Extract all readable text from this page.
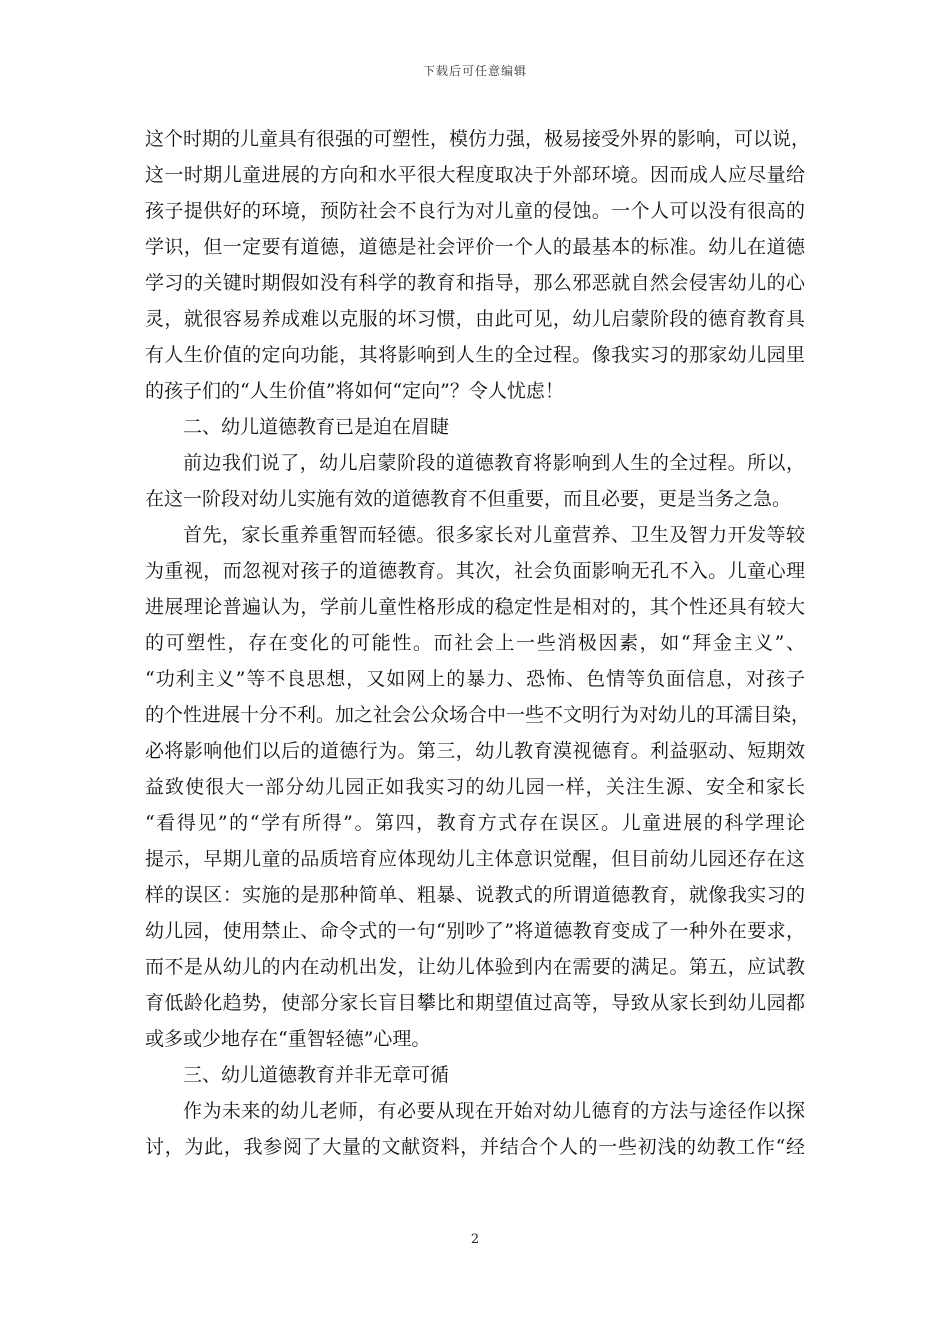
下载后可任意编辑
这个时期的儿童具有很强的可塑性，模仿力强，极易接受外界的影响，可以说，
这一时期儿童进展的方向和水平很大程度取决于外部环境。因而成人应尽量给
孩子提供好的环境，预防社会不良行为对儿童的侵蚀。一个人可以没有很高的
学识，但一定要有道德，道德是社会评价一个人的最基本的标准。幼儿在道德
学习的关键时期假如没有科学的教育和指导，那么邪恶就自然会侵害幼儿的心
灵，就很容易养成难以克服的坏习惯，由此可见，幼儿启蒙阶段的德育教育具
有人生价值的定向功能，其将影响到人生的全过程。像我实习的那家幼儿园里
的孩子们的“人生价值”将如何“定向”？令人忧虑！
二、幼儿道德教育已是迫在眉睫
前边我们说了，幼儿启蒙阶段的道德教育将影响到人生的全过程。所以，
在这一阶段对幼儿实施有效的道德教育不但重要，而且必要，更是当务之急。
首先，家长重养重智而轻德。很多家长对儿童营养、卫生及智力开发等较
为重视，而忽视对孩子的道德教育。其次，社会负面影响无孔不入。儿童心理
进展理论普遍认为，学前儿童性格形成的稳定性是相对的，其个性还具有较大
的可塑性，存在变化的可能性。而社会上一些消极因素，如“拜金主义”、
“功利主义”等不良思想，又如网上的暴力、恐怖、色情等负面信息，对孩子
的个性进展十分不利。加之社会公众场合中一些不文明行为对幼儿的耳濡目染，
必将影响他们以后的道德行为。第三，幼儿教育漠视德育。利益驱动、短期效
益致使很大一部分幼儿园正如我实习的幼儿园一样，关注生源、安全和家长
“看得见”的“学有所得”。第四，教育方式存在误区。儿童进展的科学理论
提示，早期儿童的品质培育应体现幼儿主体意识觉醒，但目前幼儿园还存在这
样的误区：实施的是那种简单、粗暴、说教式的所谓道德教育，就像我实习的
幼儿园，使用禁止、命令式的一句“别吵了”将道德教育变成了一种外在要求，
而不是从幼儿的内在动机出发，让幼儿体验到内在需要的满足。第五，应试教
育低龄化趋势，使部分家长盲目攀比和期望值过高等，导致从家长到幼儿园都
或多或少地存在“重智轻德”心理。
三、幼儿道德教育并非无章可循
作为未来的幼儿老师，有必要从现在开始对幼儿德育的方法与途径作以探
讨，为此，我参阅了大量的文献资料，并结合个人的一些初浅的幼教工作“经
2
